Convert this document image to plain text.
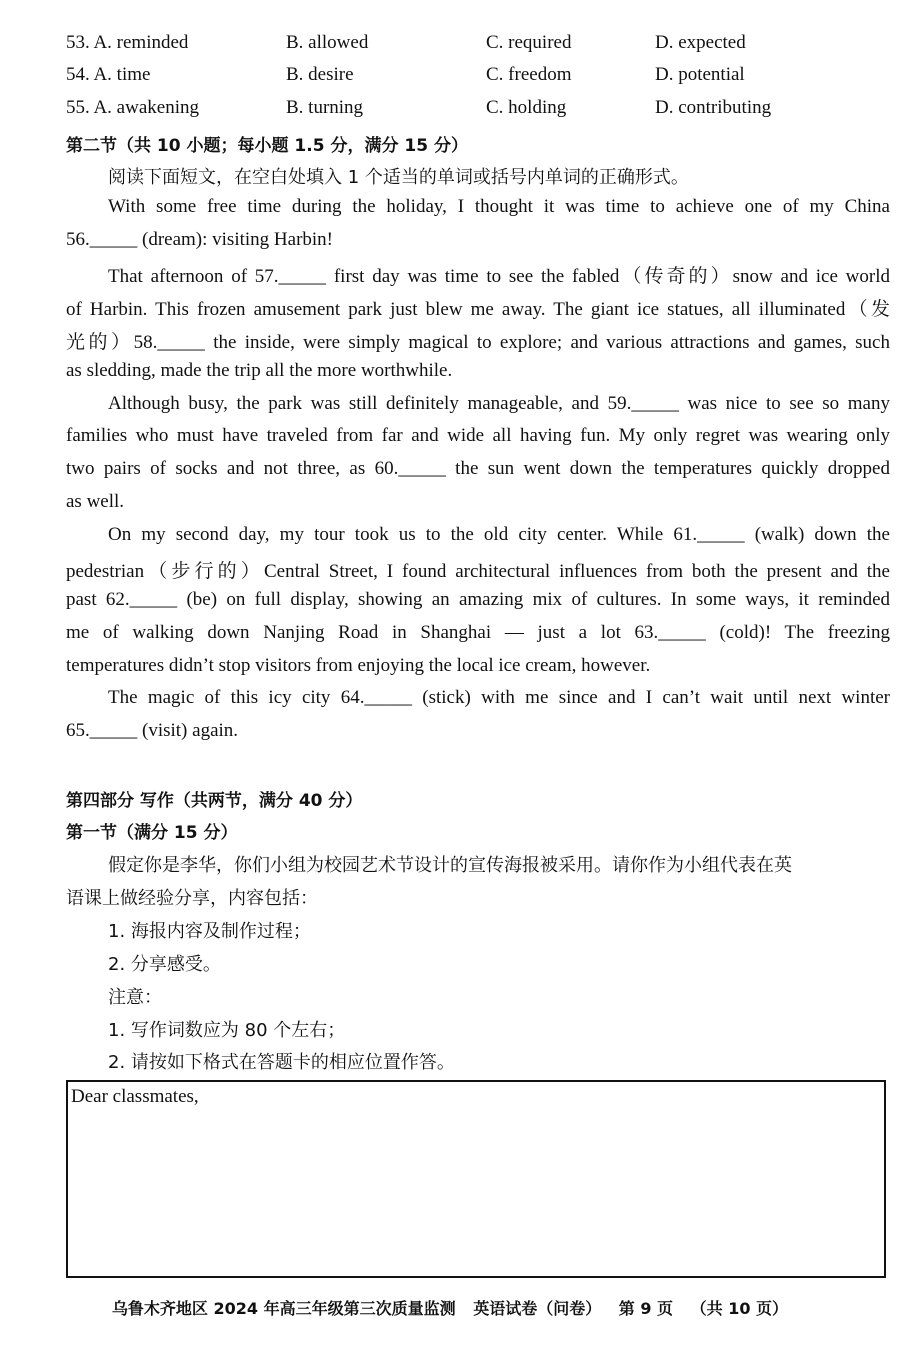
53. A. reminded	B. allowed	C. required	D. expected
54. A. time	B. desire	C. freedom	D. potential
55. A. awakening	B. turning	C. holding	D. contributing
第二节（共 10 小题；每小题 1.5 分，满分 15 分）
阅读下面短文，在空白处填入 1 个适当的单词或括号内单词的正确形式。
With some free time during the holiday, I thought it was time to achieve one of my China
56._____ (dream): visiting Harbin!
That afternoon of 57._____ first day was time to see the fabled（传奇的）snow and ice world
of Harbin. This frozen amusement park just blew me away. The giant ice statues, all illuminated（发
光的）58._____ the inside, were simply magical to explore; and various attractions and games, such
as sledding, made the trip all the more worthwhile.
Although busy, the park was still definitely manageable, and 59._____ was nice to see so many
families who must have traveled from far and wide all having fun. My only regret was wearing only
two pairs of socks and not three, as 60._____ the sun went down the temperatures quickly dropped
as well.
On my second day, my tour took us to the old city center. While 61._____ (walk) down the
pedestrian（步行的）Central Street, I found architectural influences from both the present and the
past 62._____ (be) on full display, showing an amazing mix of cultures. In some ways, it reminded
me of walking down Nanjing Road in Shanghai — just a lot 63._____ (cold)! The freezing
temperatures didn’t stop visitors from enjoying the local ice cream, however.
The magic of this icy city 64._____ (stick) with me since and I can’t wait until next winter
65._____ (visit) again.
第四部分 写作（共两节，满分 40 分）
第一节（满分 15 分）
假定你是李华，你们小组为校园艺术节设计的宣传海报被采用。请你作为小组代表在英
语课上做经验分享，内容包括：
1. 海报内容及制作过程；
2. 分享感受。
注意：
1. 写作词数应为 80 个左右；
2. 请按如下格式在答题卡的相应位置作答。
Dear classmates,
乌鲁木齐地区 2024 年高三年级第三次质量监测 英语试卷（问卷） 第 9 页 （共 10 页）
